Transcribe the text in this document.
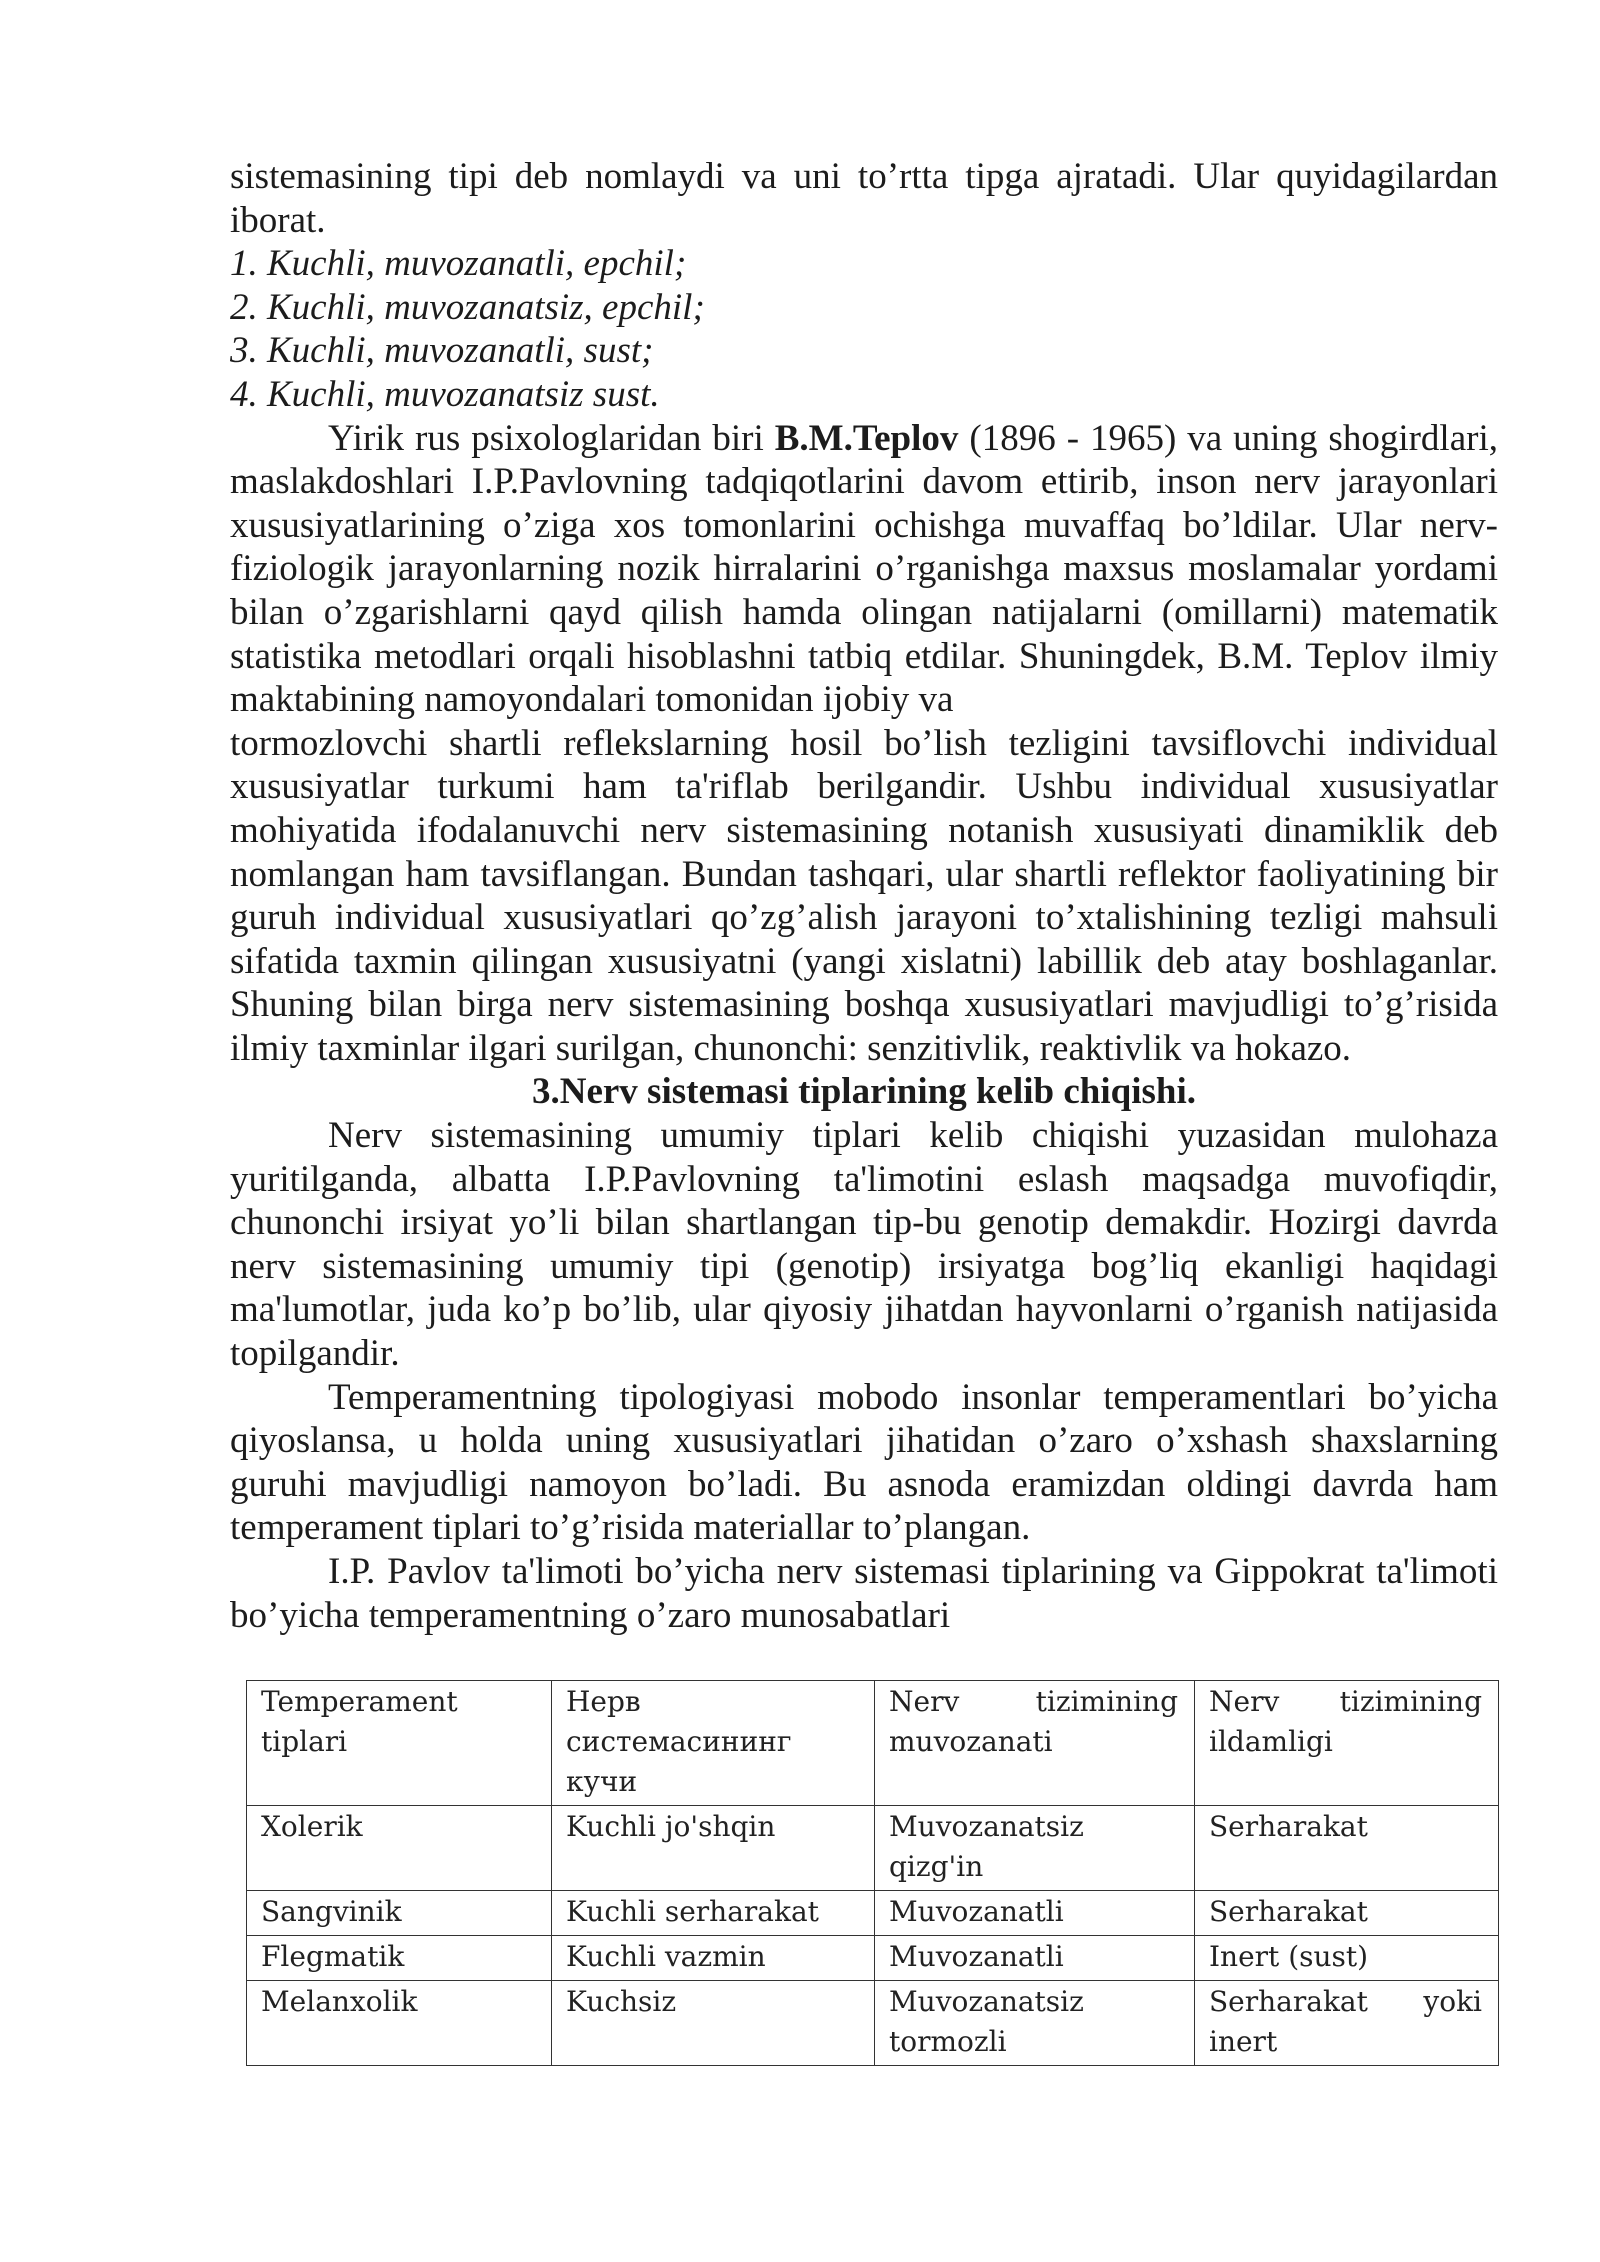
sistemasining tipi deb nomlaydi va uni to’rtta tipga ajratadi. Ular quyidagilardan
iborat.
1. Kuchli, muvozanatli, epchil;
2. Kuchli, muvozanatsiz, epchil;
3. Kuchli, muvozanatli, sust;
4. Kuchli, muvozanatsiz sust.
Yirik rus psixologlaridan biri B.M.Teplov (1896 - 1965) va uning shogirdlari,
maslakdoshlari I.P.Pavlovning tadqiqotlarini davom ettirib, inson nerv jarayonlari
xususiyatlarining o’ziga xos tomonlarini ochishga muvaffaq bo’ldilar. Ular nerv-
fiziologik jarayonlarning nozik hirralarini o’rganishga maxsus moslamalar yordami
bilan o’zgarishlarni qayd qilish hamda olingan natijalarni (omillarni) matematik
statistika metodlari orqali hisoblashni tatbiq etdilar. Shuningdek, B.M. Teplov ilmiy
maktabining namoyondalari tomonidan ijobiy va
tormozlovchi shartli reflekslarning hosil bo’lish tezligini tavsiflovchi individual
xususiyatlar turkumi ham ta'riflab berilgandir. Ushbu individual xususiyatlar
mohiyatida ifodalanuvchi nerv sistemasining notanish xususiyati dinamiklik deb
nomlangan ham tavsiflangan. Bundan tashqari, ular shartli reflektor faoliyatining bir
guruh individual xususiyatlari qo’zg’alish jarayoni to’xtalishining tezligi mahsuli
sifatida taxmin qilingan xususiyatni (yangi xislatni) labillik deb atay boshlaganlar.
Shuning bilan birga nerv sistemasining boshqa xususiyatlari mavjudligi to’g’risida
ilmiy taxminlar ilgari surilgan, chunonchi: senzitivlik, reaktivlik va hokazo.
3.Nerv sistemasi tiplarining kelib chiqishi.
Nerv sistemasining umumiy tiplari kelib chiqishi yuzasidan mulohaza
yuritilganda, albatta I.P.Pavlovning ta'limotini eslash maqsadga muvofiqdir,
chunonchi irsiyat yo’li bilan shartlangan tip-bu genotip demakdir. Hozirgi davrda
nerv sistemasining umumiy tipi (genotip) irsiyatga bog’liq ekanligi haqidagi
ma'lumotlar, juda ko’p bo’lib, ular qiyosiy jihatdan hayvonlarni o’rganish natijasida
topilgandir.
Temperamentning tipologiyasi mobodo insonlar temperamentlari bo’yicha
qiyoslansa, u holda uning xususiyatlari jihatidan o’zaro o’xshash shaxslarning
guruhi mavjudligi namoyon bo’ladi. Bu asnoda eramizdan oldingi davrda ham
temperament tiplari to’g’risida materiallar to’plangan.
I.P. Pavlov ta'limoti bo’yicha nerv sistemasi tiplarining va Gippokrat ta'limoti
bo’yicha temperamentning o’zaro munosabatlari
Temperament tiplari	Нерв системасининг кучи	Nerv tizimining muvozanati	Nerv tizimining ildamligi
Xolerik	Kuchli jo'shqin	Muvozanatsiz qizg'in	Serharakat
Sangvinik	Kuchli serharakat	Muvozanatli	Serharakat
Flegmatik	Kuchli vazmin	Muvozanatli	Inert (sust)
Melanxolik	Kuchsiz	Muvozanatsiz tormozli	Serharakat yoki inert
